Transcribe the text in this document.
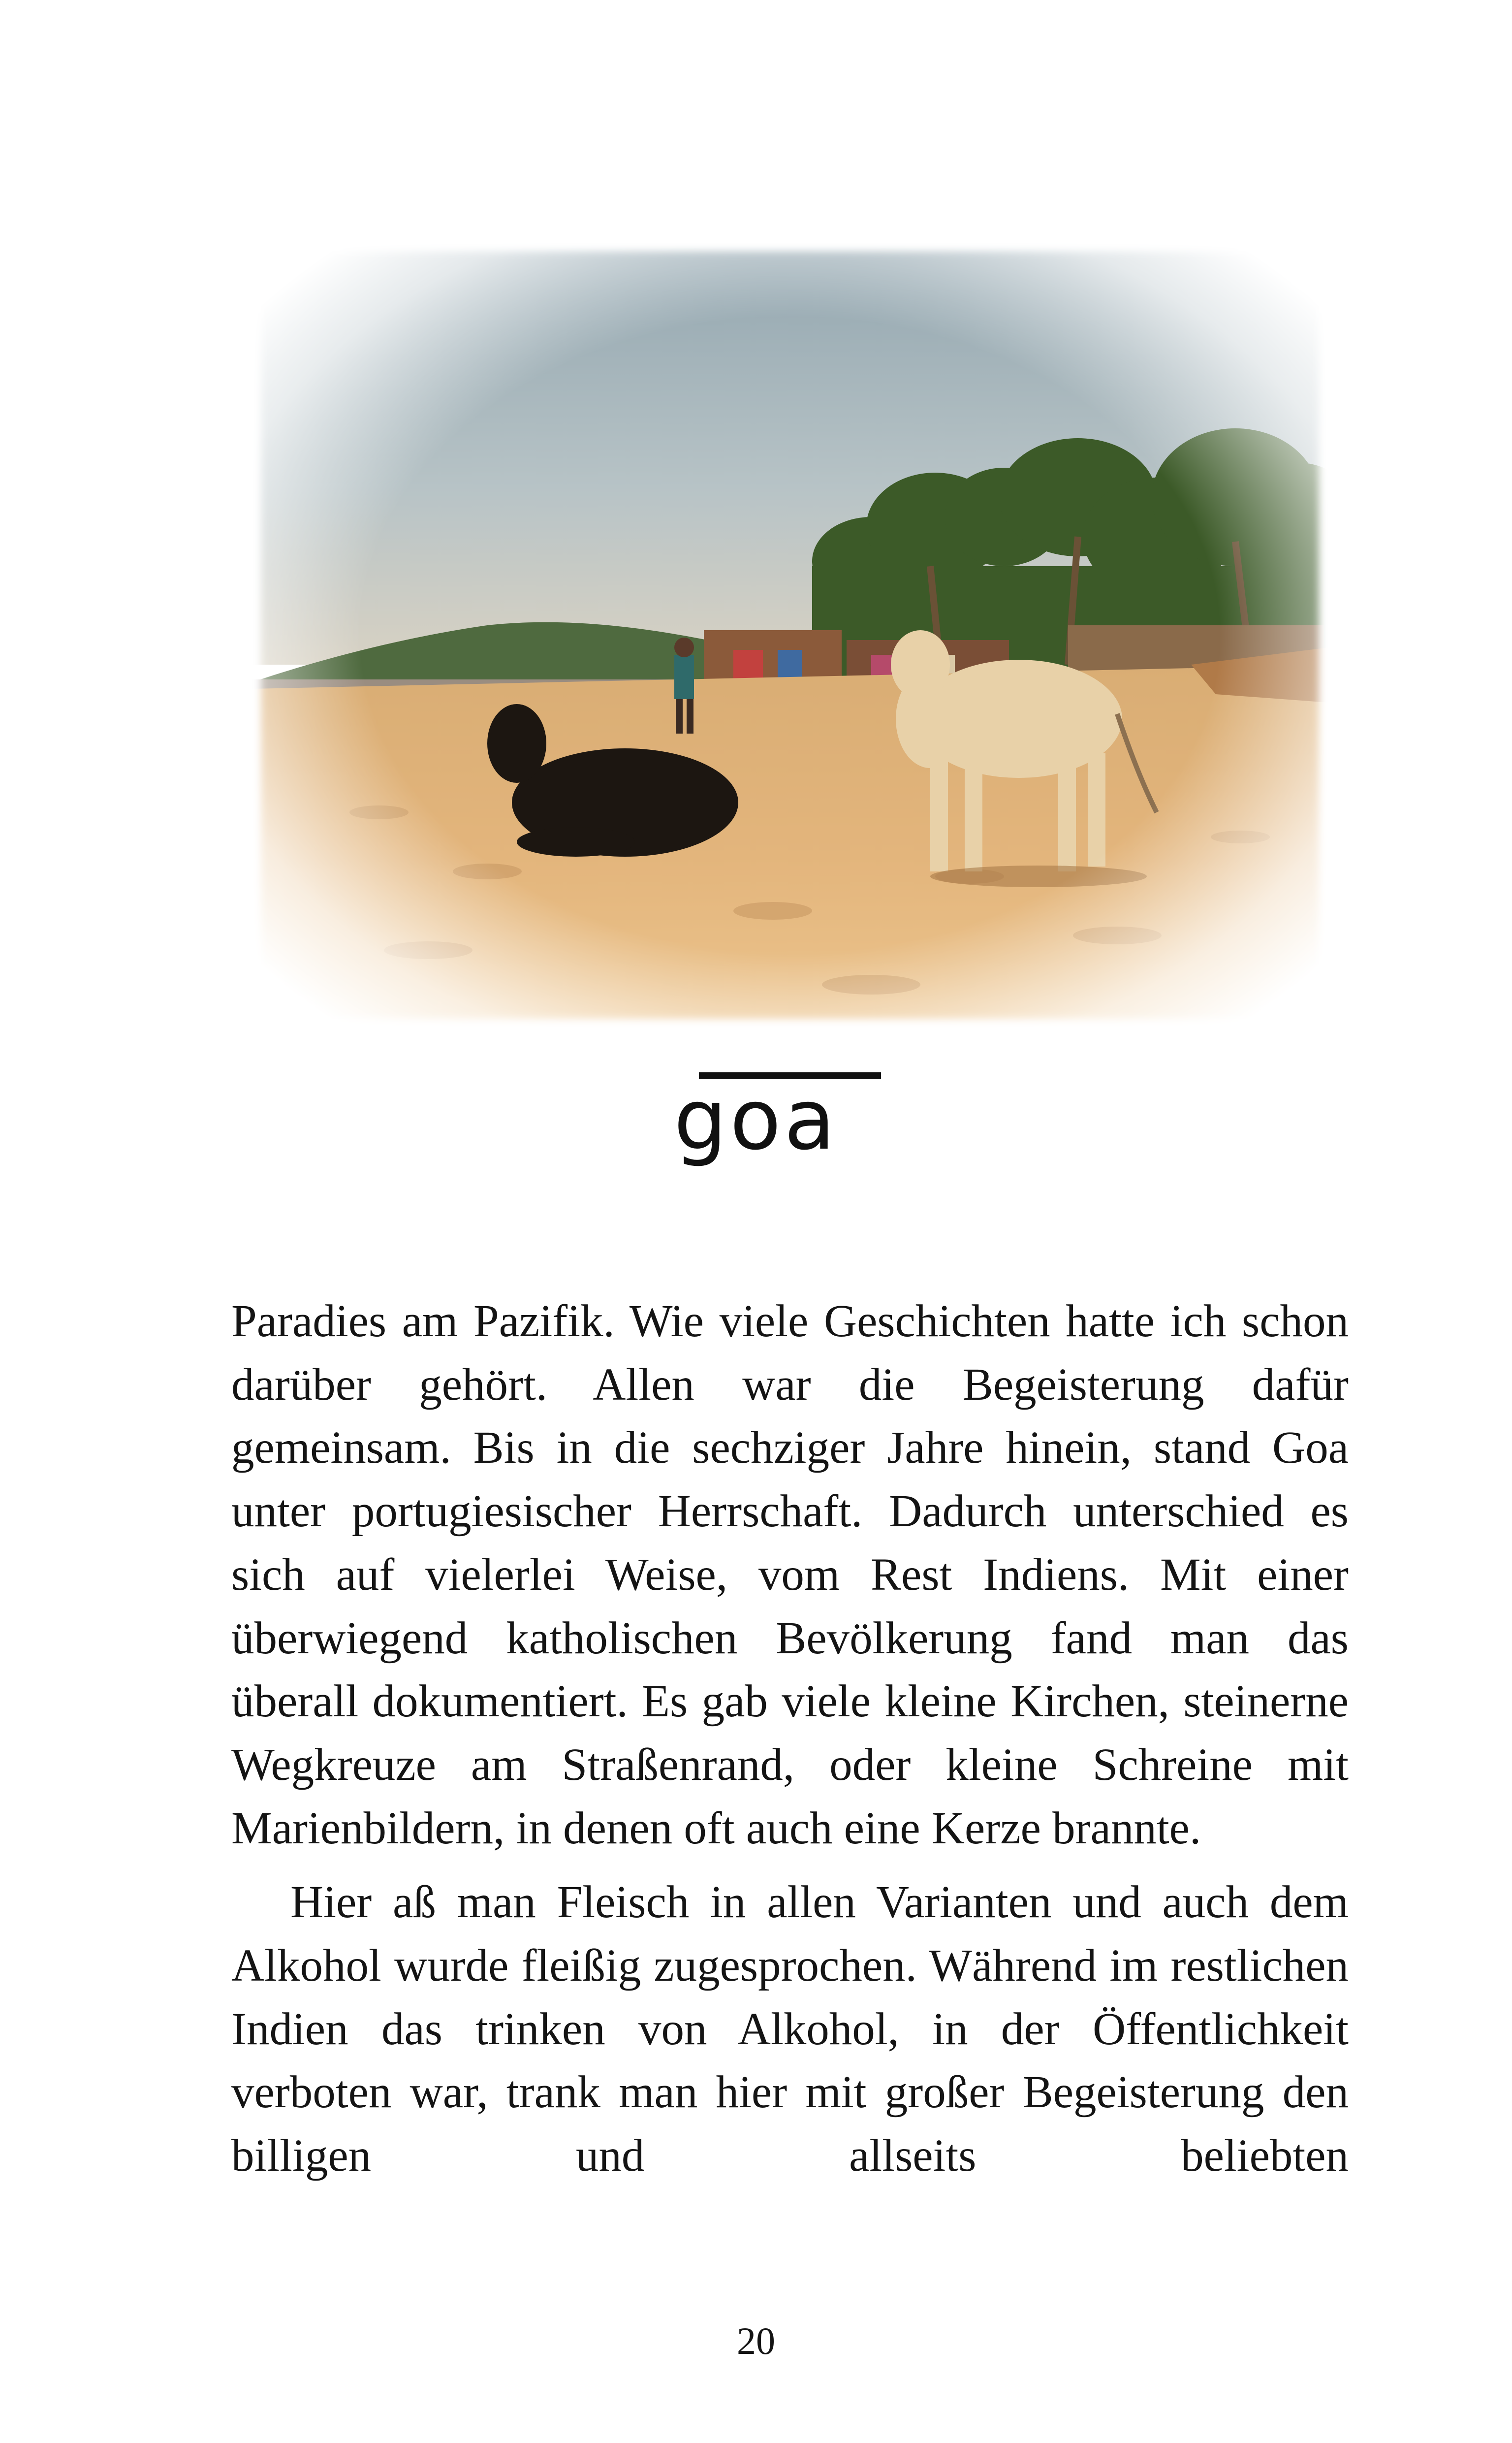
goa

Paradies am Pazifik. Wie viele Geschichten hatte ich schon darüber gehört. Allen war die Begeisterung dafür gemeinsam. Bis in die sechziger Jahre hinein, stand Goa unter portugiesischer Herrschaft. Dadurch unterschied es sich auf vielerlei Weise, vom Rest Indiens. Mit einer überwiegend katholischen Bevölkerung fand man das überall dokumentiert. Es gab viele kleine Kirchen, steinerne Wegkreuze am Straßenrand, oder kleine Schreine mit Marienbildern, in denen oft auch eine Kerze brannte.

Hier aß man Fleisch in allen Varianten und auch dem Alkohol wurde fleißig zugesprochen. Während im restlichen Indien das trinken von Alkohol, in der Öffentlichkeit verboten war, trank man hier mit großer Begeisterung den billigen und allseits beliebten

20
